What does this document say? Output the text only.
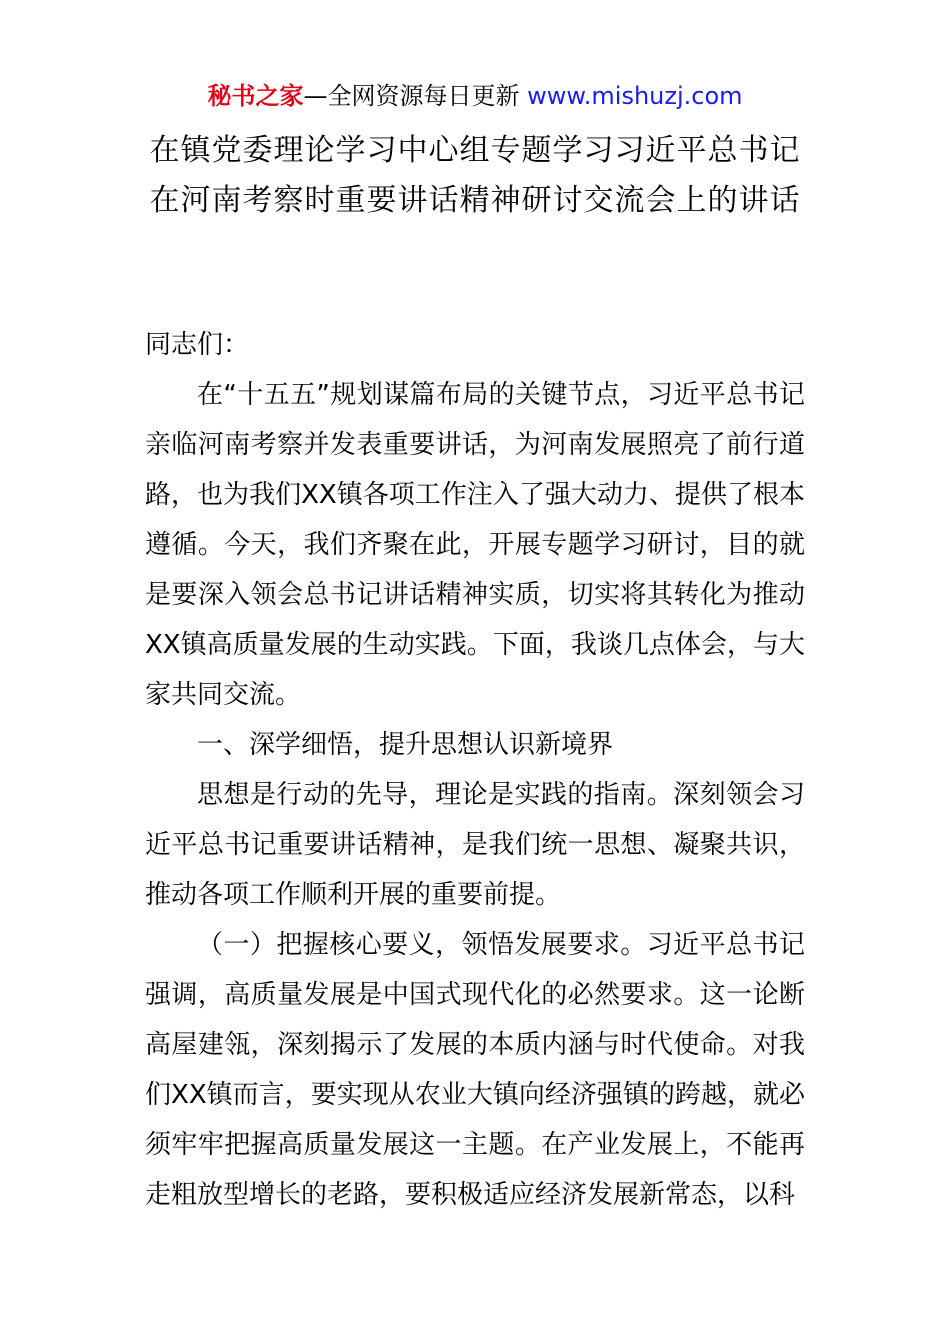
秘书之家—全网资源每日更新 www.mishuzj.com
在镇党委理论学习中心组专题学习习近平总书记在河南考察时重要讲话精神研讨交流会上的讲话

同志们：

在“十五五”规划谋篇布局的关键节点，习近平总书记亲临河南考察并发表重要讲话，为河南发展照亮了前行道路，也为我们XX镇各项工作注入了强大动力、提供了根本遵循。今天，我们齐聚在此，开展专题学习研讨，目的就是要深入领会总书记讲话精神实质，切实将其转化为推动XX镇高质量发展的生动实践。下面，我谈几点体会，与大家共同交流。

一、深学细悟，提升思想认识新境界

思想是行动的先导，理论是实践的指南。深刻领会习近平总书记重要讲话精神，是我们统一思想、凝聚共识，推动各项工作顺利开展的重要前提。

（一）把握核心要义，领悟发展要求。习近平总书记强调，高质量发展是中国式现代化的必然要求。这一论断高屋建瓴，深刻揭示了发展的本质内涵与时代使命。对我们XX镇而言，要实现从农业大镇向经济强镇的跨越，就必须牢牢把握高质量发展这一主题。在产业发展上，不能再走粗放型增长的老路，要积极适应经济发展新常态，以科
